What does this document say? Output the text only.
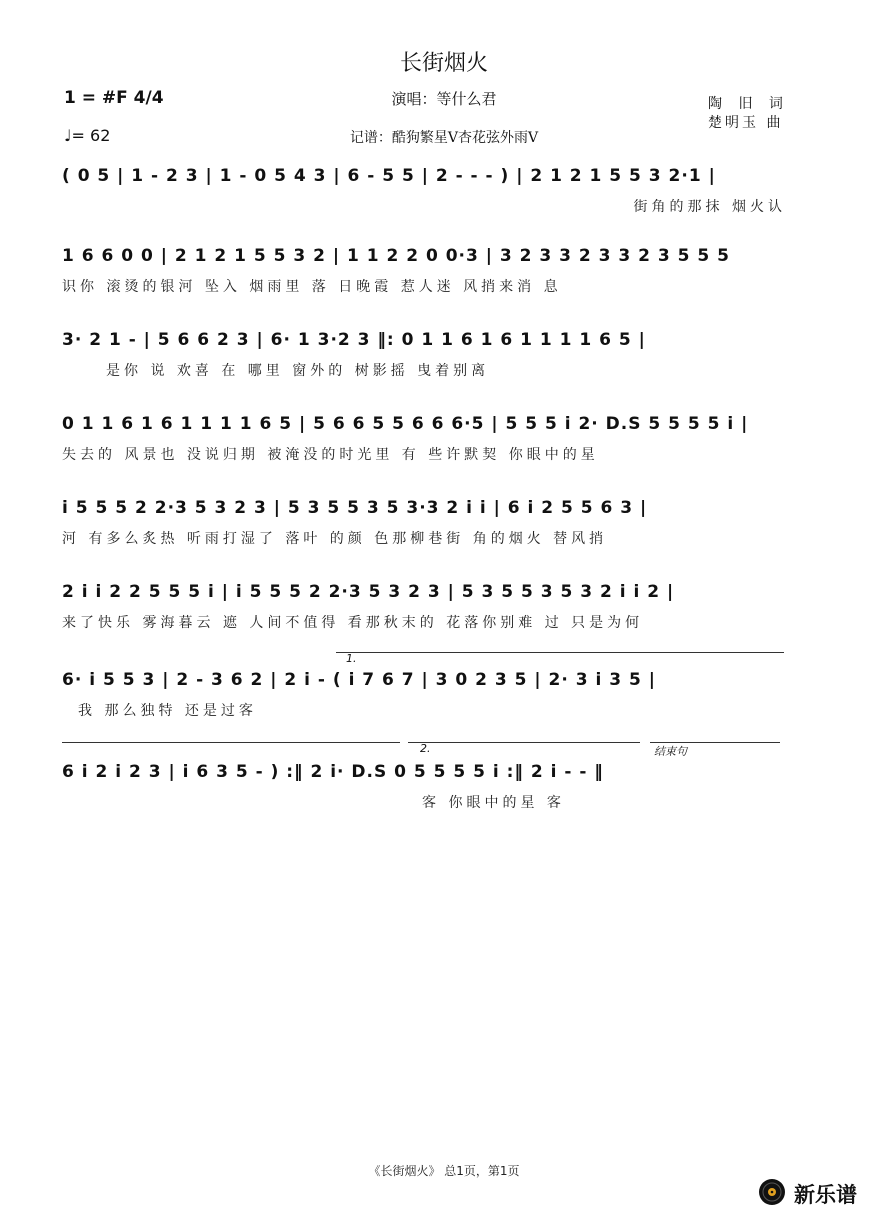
长街烟火
1 = #F 4/4
♩= 62
演唱：等什么君
记谱：酷狗繁星V杏花弦外雨V
陶 旧 词
楚明玉 曲
( 0 5 | 1 - 2 3 | 1 - 0 5 4 3 | 6 - 5 5 | 2 - - - ) | 2 1 2 1 5 5 3 2·1 |
街角的那抹 烟火认
1 6 6 0 0 | 2 1 2 1 5 5 3 2 | 1 1 2 2 0 0·3 | 3 2 3 3 2 3 3 2 3 5 5 5
识你 滚烫的银河 坠入 烟雨里 落 日晚霞 惹人迷 风捎来消 息
3· 2 1 - | 5 6 6 2 3 | 6· 1 3·2 3 ‖: 0 1 1 6 1 6 1 1 1 1 6 5 |
是你 说 欢喜 在 哪里 窗外的 树影摇 曳着别离
0 1 1 6 1 6 1 1 1 1 6 5 | 5 6 6 5 5 6 6 6·5 | 5 5 5 i 2· D.S 5 5 5 5 i |
失去的 风景也 没说归期 被淹没的时光里 有 些许默契 你眼中的星
i 5 5 5 2 2·3 5 3 2 3 | 5 3 5 5 3 5 3·3 2 i i | 6 i 2 5 5 6 3 |
河 有多么炙热 听雨打湿了 落叶 的颜 色那柳巷街 角的烟火 替风捎
2 i i 2 2 5 5 5 i | i 5 5 5 2 2·3 5 3 2 3 | 5 3 5 5 3 5 3 2 i i 2 |
来了快乐 雾海暮云 遮 人间不值得 看那秋末的 花落你别难 过 只是为何
1.
6· i 5 5 3 | 2 - 3 6 2 | 2 i - ( i 7 6 7 | 3 0 2 3 5 | 2· 3 i 3 5 |
我 那么独特 还是过客
2.	结束句
6 i 2 i 2 3 | i 6 3 5 - ) :‖ 2 i· D.S 0 5 5 5 5 i :‖ 2 i - - ‖
客 你眼中的星 客
《长街烟火》 总1页，第1页
新乐谱
